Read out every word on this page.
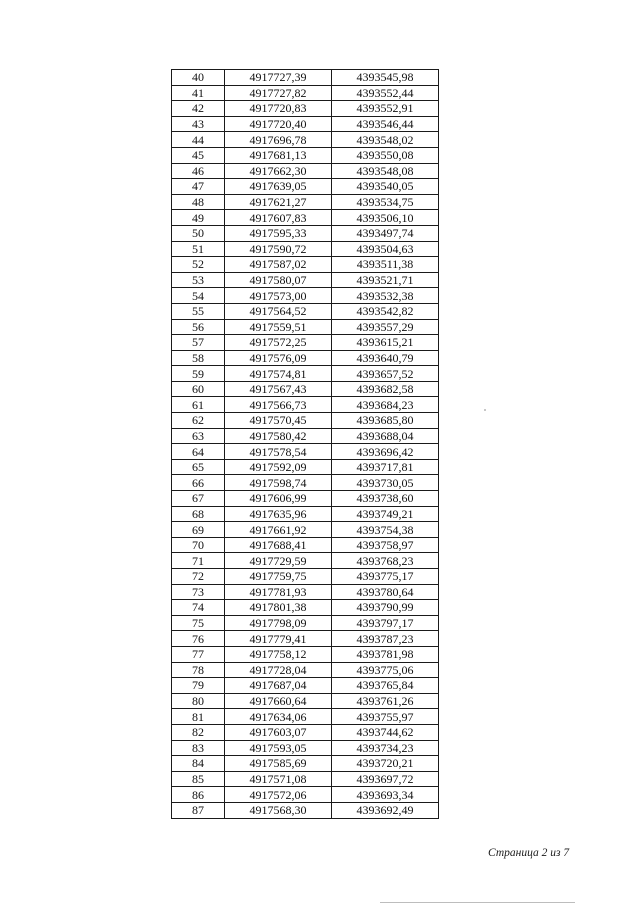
40	4917727,39	4393545,98
41	4917727,82	4393552,44
42	4917720,83	4393552,91
43	4917720,40	4393546,44
44	4917696,78	4393548,02
45	4917681,13	4393550,08
46	4917662,30	4393548,08
47	4917639,05	4393540,05
48	4917621,27	4393534,75
49	4917607,83	4393506,10
50	4917595,33	4393497,74
51	4917590,72	4393504,63
52	4917587,02	4393511,38
53	4917580,07	4393521,71
54	4917573,00	4393532,38
55	4917564,52	4393542,82
56	4917559,51	4393557,29
57	4917572,25	4393615,21
58	4917576,09	4393640,79
59	4917574,81	4393657,52
60	4917567,43	4393682,58
61	4917566,73	4393684,23
62	4917570,45	4393685,80
63	4917580,42	4393688,04
64	4917578,54	4393696,42
65	4917592,09	4393717,81
66	4917598,74	4393730,05
67	4917606,99	4393738,60
68	4917635,96	4393749,21
69	4917661,92	4393754,38
70	4917688,41	4393758,97
71	4917729,59	4393768,23
72	4917759,75	4393775,17
73	4917781,93	4393780,64
74	4917801,38	4393790,99
75	4917798,09	4393797,17
76	4917779,41	4393787,23
77	4917758,12	4393781,98
78	4917728,04	4393775,06
79	4917687,04	4393765,84
80	4917660,64	4393761,26
81	4917634,06	4393755,97
82	4917603,07	4393744,62
83	4917593,05	4393734,23
84	4917585,69	4393720,21
85	4917571,08	4393697,72
86	4917572,06	4393693,34
87	4917568,30	4393692,49
Страница 2 из 7
